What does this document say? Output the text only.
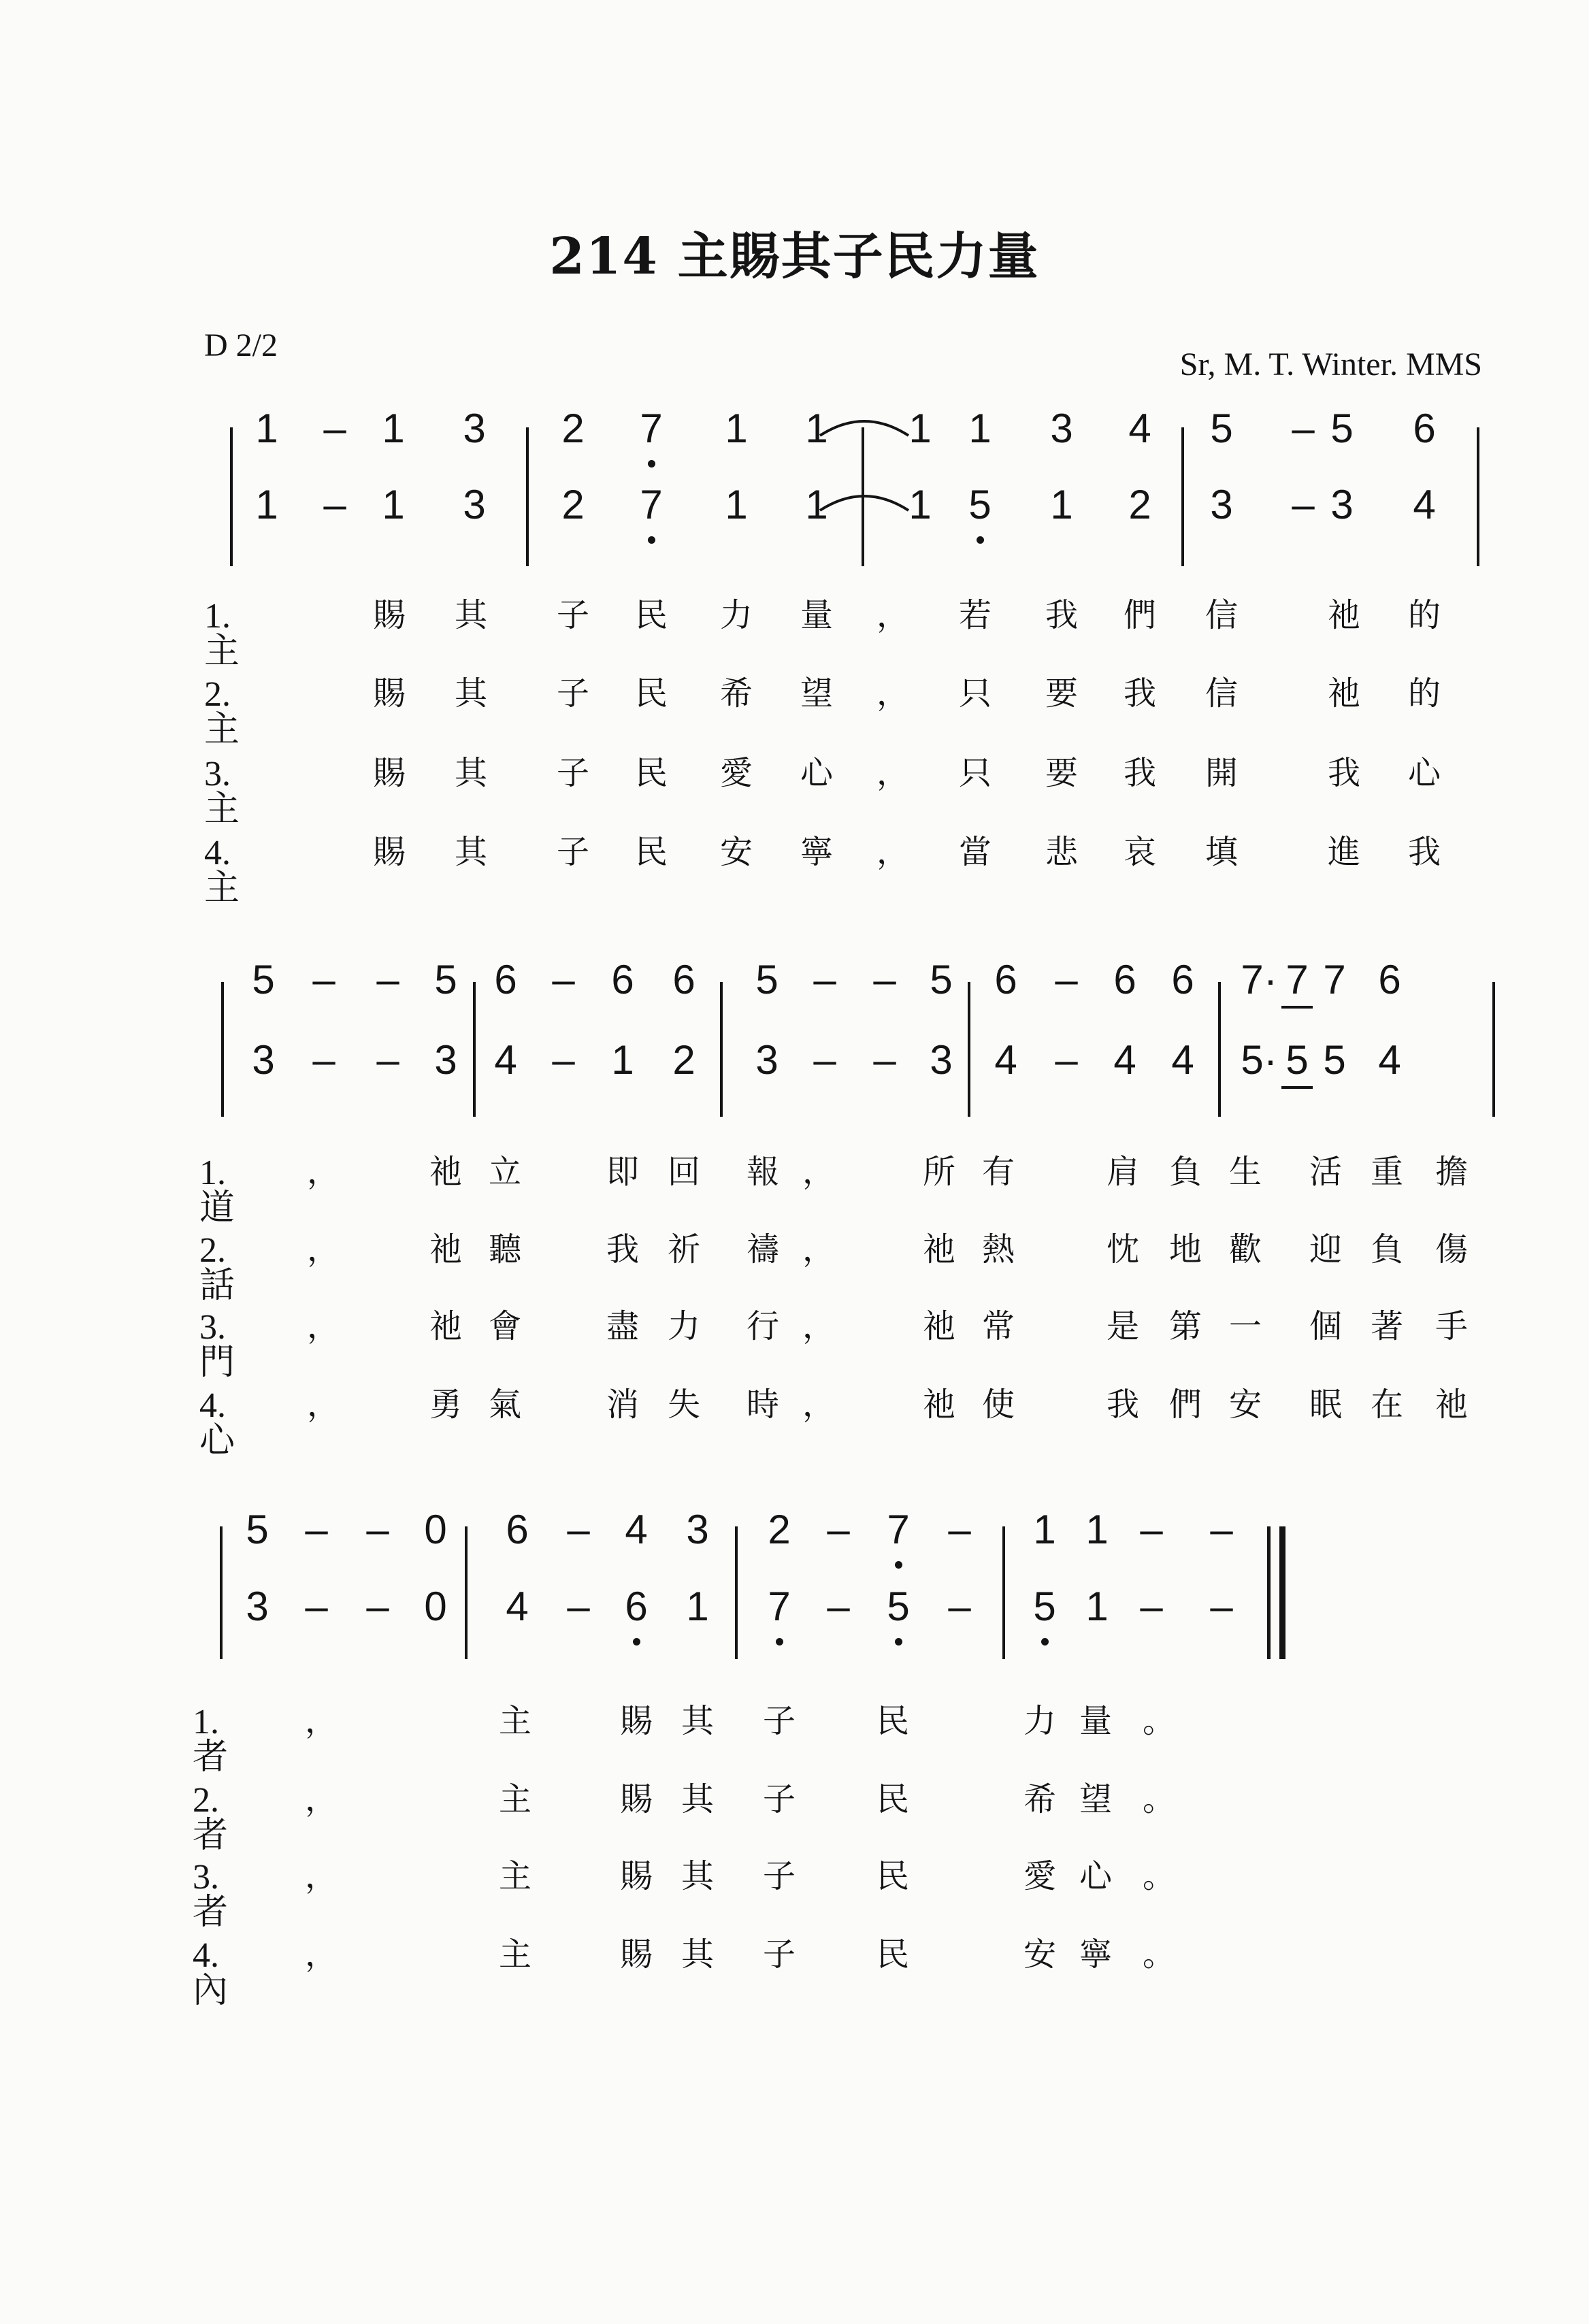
214 主賜其子民力量
D 2/2
Sr, M. T. Winter. MMS
1	– 1	3	2	7	1	1	1 1	3	4	5	– 5	6
1	– 1	3	2	7	1	1	1 5	1	2	3	– 3	4
1.主
賜 其 子 民 力 量 ， 若 我 們 信	祂 的
2.主
賜 其 子 民 希 望 ， 只 要 我 信	祂 的
3.主
賜 其 子 民 愛 心 ， 只 要 我 開	我 心
4.主
賜 其 子 民 安 寧 ， 當 悲 哀 填	進 我
5 –	– 5 6 – 6 6	5 – – 5	6 – 6 6	7 · 7 7 6
3 –	– 3 4 – 1 2	3 – – 3	4 – 4 4	5 · 5 5 4
1.道
，	祂 立	即 回 報 ，	所 有	肩 負 生 活 重 擔
2.話
，	祂 聽	我 祈 禱 ，	祂 熱	忱 地 歡 迎 負 傷
3.門
，	祂 會	盡 力 行 ，	祂 常	是 第 一 個 著 手
4.心
，	勇 氣	消 失 時 ，	祂 使	我 們 安 眠 在 祂
5 – – 0	6 – 4 3	2 – 7 –	1 1 –	–
3 – – 0	4 – 6 1	7 – 5 –	5 1 –	–
1.者
，	主	賜 其 子 民	力 量 。
2.者
，	主	賜 其 子 民	希 望 。
3.者
，	主	賜 其 子 民	愛 心 。
4.內
，	主	賜 其 子 民	安 寧 。
